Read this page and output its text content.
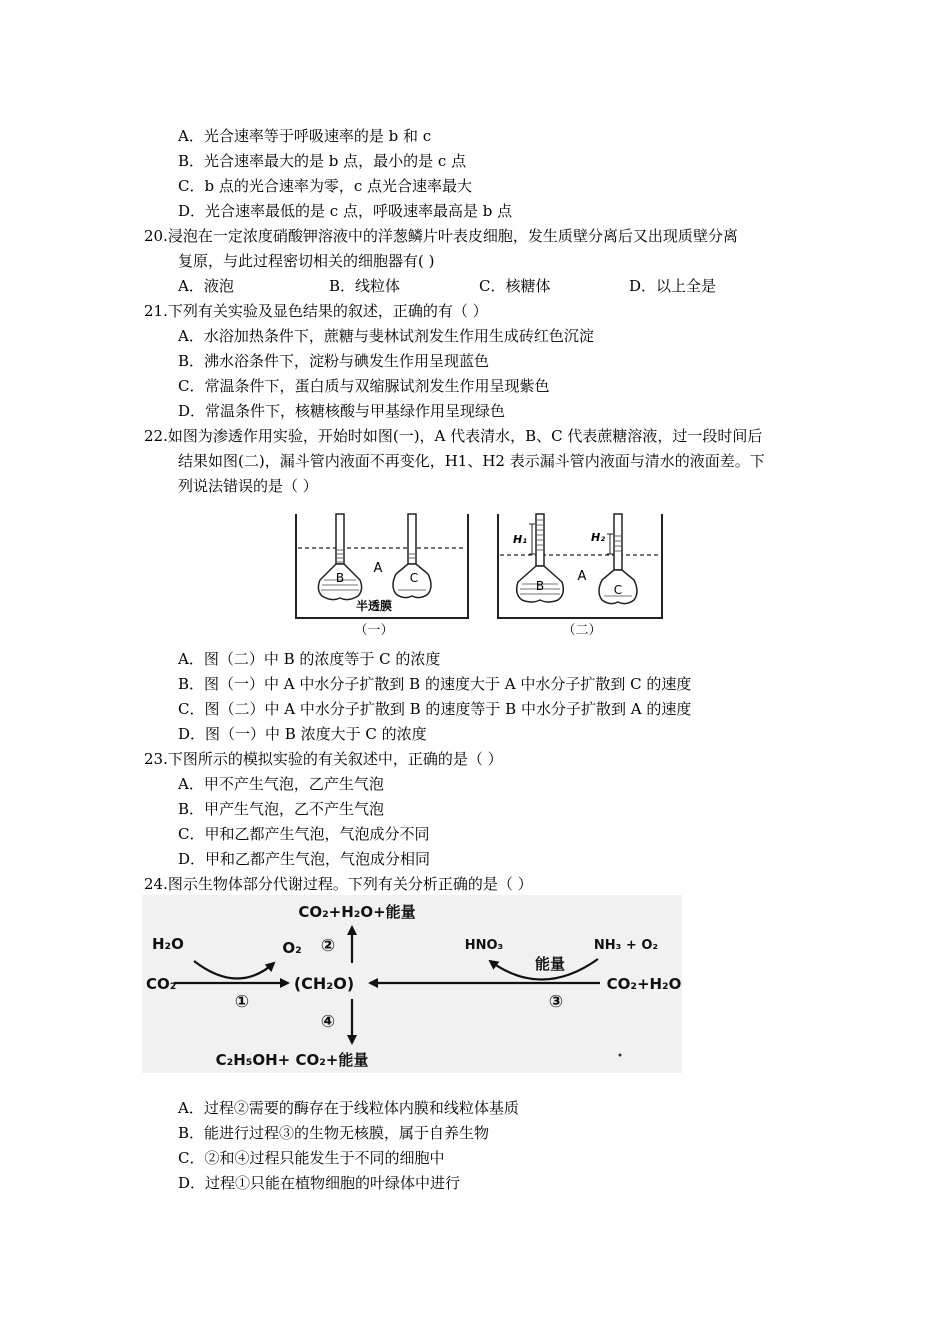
A．光合速率等于呼吸速率的是 b 和 c
B．光合速率最大的是 b 点，最小的是 c 点
C．b 点的光合速率为零，c 点光合速率最大
D．光合速率最低的是 c 点，呼吸速率最高是 b 点
20.浸泡在一定浓度硝酸钾溶液中的洋葱鳞片叶表皮细胞，发生质壁分离后又出现质壁分离
复原，与此过程密切相关的细胞器有( )
A．液泡	B．线粒体	C．核糖体	D．以上全是
21.下列有关实验及显色结果的叙述，正确的有（ ）
A．水浴加热条件下，蔗糖与斐林试剂发生作用生成砖红色沉淀
B．沸水浴条件下，淀粉与碘发生作用呈现蓝色
C．常温条件下，蛋白质与双缩脲试剂发生作用呈现紫色
D．常温条件下，核糖核酸与甲基绿作用呈现绿色
22.如图为渗透作用实验，开始时如图(一)，A 代表清水，B、C 代表蔗糖溶液，过一段时间后
结果如图(二)，漏斗管内液面不再变化，H1、H2 表示漏斗管内液面与清水的液面差。下
列说法错误的是（ ）
B
A
C
半透膜
（一）
H₁	H₂
B
A
C
（二）
A．图（二）中 B 的浓度等于 C 的浓度
B．图（一）中 A 中水分子扩散到 B 的速度大于 A 中水分子扩散到 C 的速度
C．图（二）中 A 中水分子扩散到 B 的速度等于 B 中水分子扩散到 A 的速度
D．图（一）中 B 浓度大于 C 的浓度
23.下图所示的模拟实验的有关叙述中，正确的是（ ）
A．甲不产生气泡，乙产生气泡
B．甲产生气泡，乙不产生气泡
C．甲和乙都产生气泡，气泡成分不同
D．甲和乙都产生气泡，气泡成分相同
24.图示生物体部分代谢过程。下列有关分析正确的是（ ）
CO₂+H₂O+能量
H₂O
CO₂
O₂ ②
(CH₂O)
①
④
C₂H₅OH+ CO₂+能量
HNO₃
能量
NH₃ + O₂
③
CO₂+H₂O
A．过程②需要的酶存在于线粒体内膜和线粒体基质
B．能进行过程③的生物无核膜，属于自养生物
C．②和④过程只能发生于不同的细胞中
D．过程①只能在植物细胞的叶绿体中进行
